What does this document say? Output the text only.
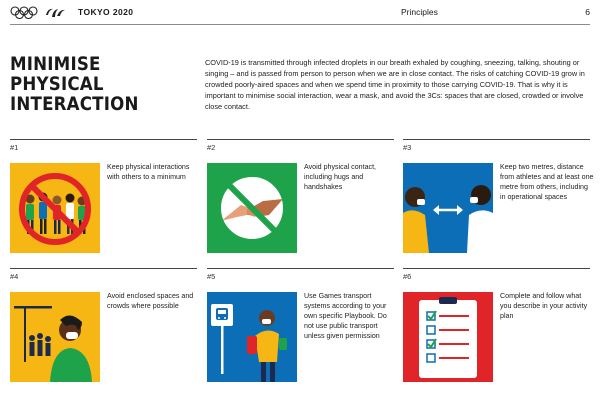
TOKYO 2020	Principles	6
MINIMISE
PHYSICAL
INTERACTION
COVID-19 is transmitted through infected droplets in our breath exhaled by coughing, sneezing, talking, shouting or singing – and is passed from person to person when we are in close contact. The risks of catching COVID-19 grow in crowded poorly-aired spaces and when we spend time in proximity to those carrying COVID-19. That is why it is important to minimise social interaction, wear a mask, and avoid the 3Cs: spaces that are closed, crowded or involve close contact.
#1
Keep physical interactions with others to a minimum
#2
Avoid physical contact, including hugs and handshakes
#3
Keep two metres, distance from athletes and at least one metre from others, including in operational spaces
#4
Avoid enclosed spaces and crowds where possible
#5
Use Games transport systems according to your own specific Playbook. Do not use public transport unless given permission
#6
Complete and follow what you describe in your activity plan
